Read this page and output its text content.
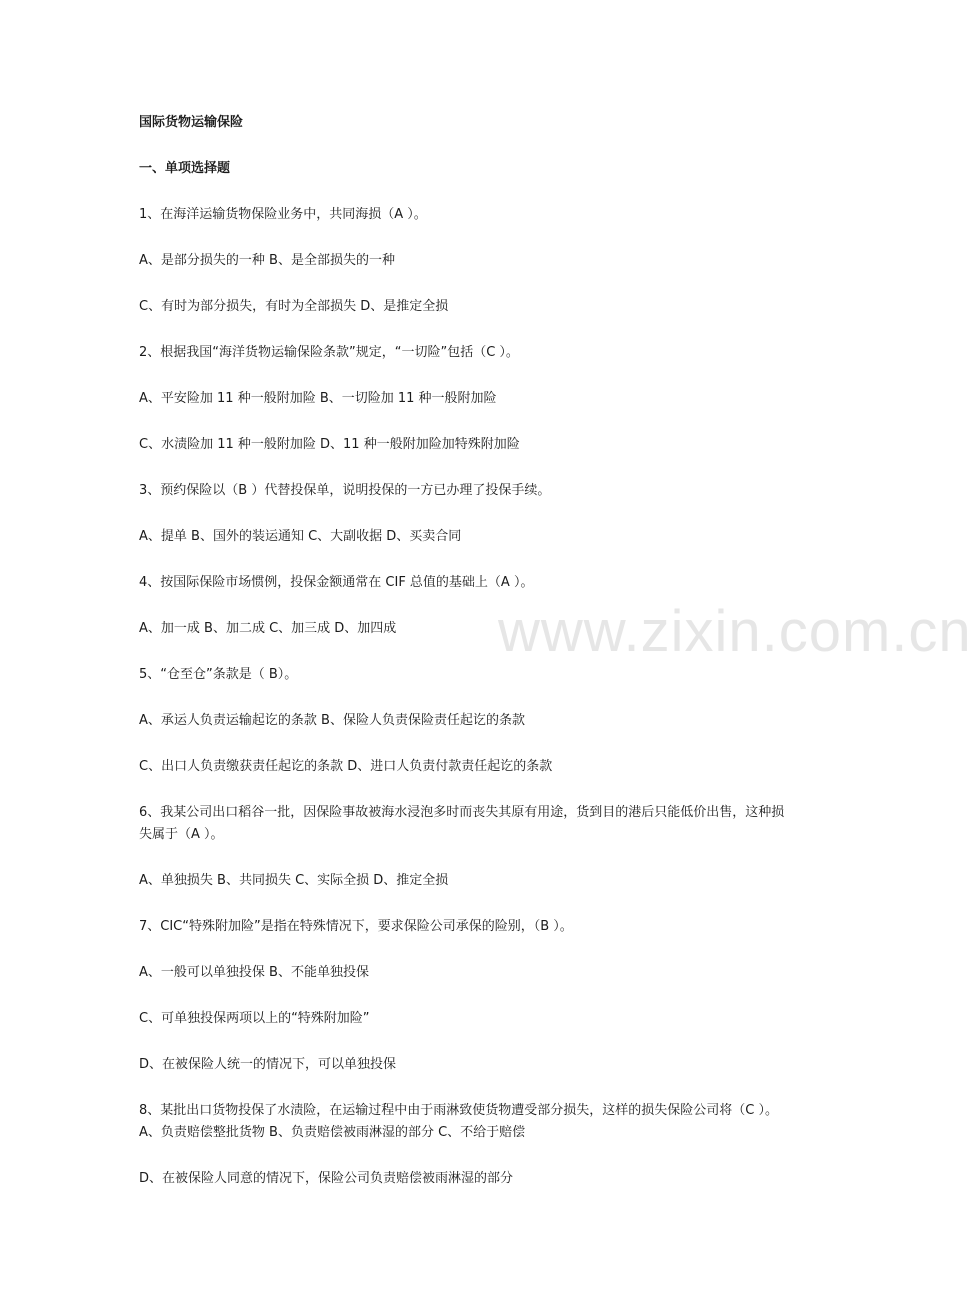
国际货物运输保险

一、单项选择题

1、在海洋运输货物保险业务中，共同海损（A ）。

A、是部分损失的一种 B、是全部损失的一种

C、有时为部分损失，有时为全部损失 D、是推定全损

2、根据我国“海洋货物运输保险条款”规定，“一切险”包括（C ）。

A、平安险加 11 种一般附加险 B、一切险加 11 种一般附加险

C、水渍险加 11 种一般附加险 D、11 种一般附加险加特殊附加险

3、预约保险以（B ）代替投保单，说明投保的一方已办理了投保手续。

A、提单 B、国外的装运通知 C、大副收据 D、买卖合同

4、按国际保险市场惯例，投保金额通常在 CIF 总值的基础上（A ）。

A、加一成 B、加二成 C、加三成 D、加四成

5、“仓至仓”条款是（ B）。

A、承运人负责运输起讫的条款 B、保险人负责保险责任起讫的条款

C、出口人负责缴获责任起讫的条款 D、进口人负责付款责任起讫的条款

6、我某公司出口稻谷一批，因保险事故被海水浸泡多时而丧失其原有用途，货到目的港后只能低价出售，这种损失属于（A ）。

A、单独损失 B、共同损失 C、实际全损 D、推定全损

7、CIC“特殊附加险”是指在特殊情况下，要求保险公司承保的险别，（B ）。

A、一般可以单独投保 B、不能单独投保

C、可单独投保两项以上的“特殊附加险”

D、在被保险人统一的情况下，可以单独投保

8、某批出口货物投保了水渍险，在运输过程中由于雨淋致使货物遭受部分损失，这样的损失保险公司将（C ）。 A、负责赔偿整批货物 B、负责赔偿被雨淋湿的部分 C、不给于赔偿

D、在被保险人同意的情况下，保险公司负责赔偿被雨淋湿的部分

www.zixin.com.cn
